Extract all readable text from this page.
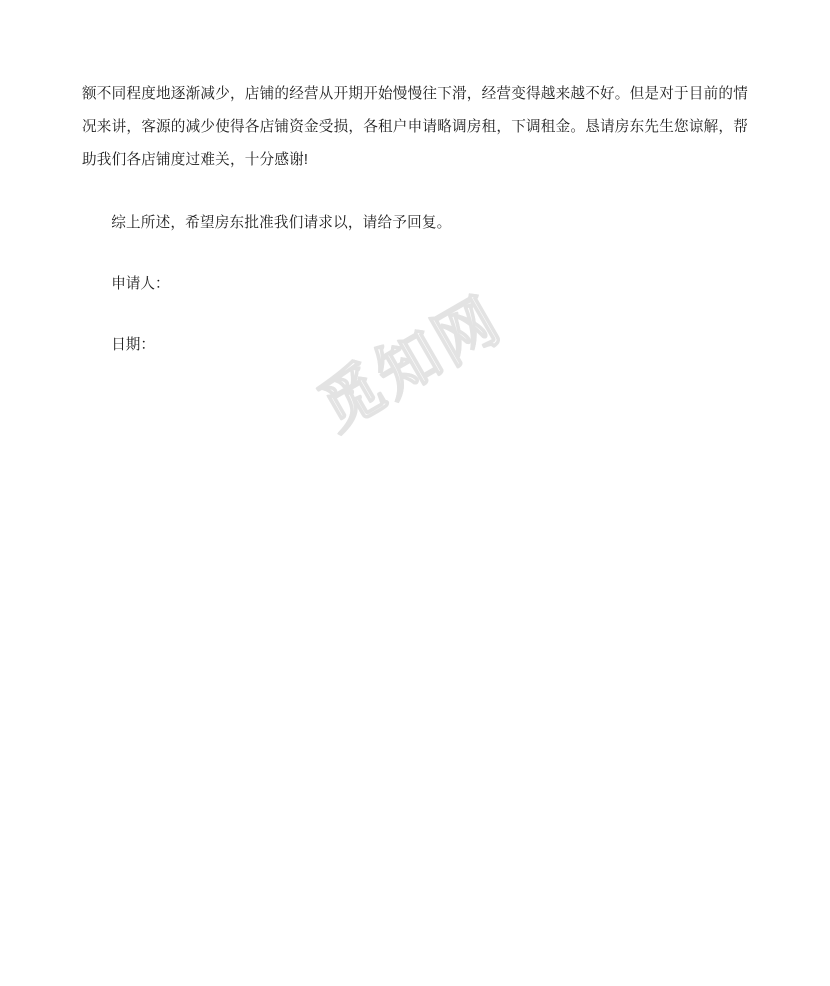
额不同程度地逐渐减少，店铺的经营从开期开始慢慢往下滑，经营变得越来越不好。但是对于目前的情况来讲，客源的减少使得各店铺资金受损，各租户申请略调房租，下调租金。恳请房东先生您谅解，帮助我们各店铺度过难关，十分感谢!

综上所述，希望房东批准我们请求以，请给予回复。

申请人：
日期：	觅知网
